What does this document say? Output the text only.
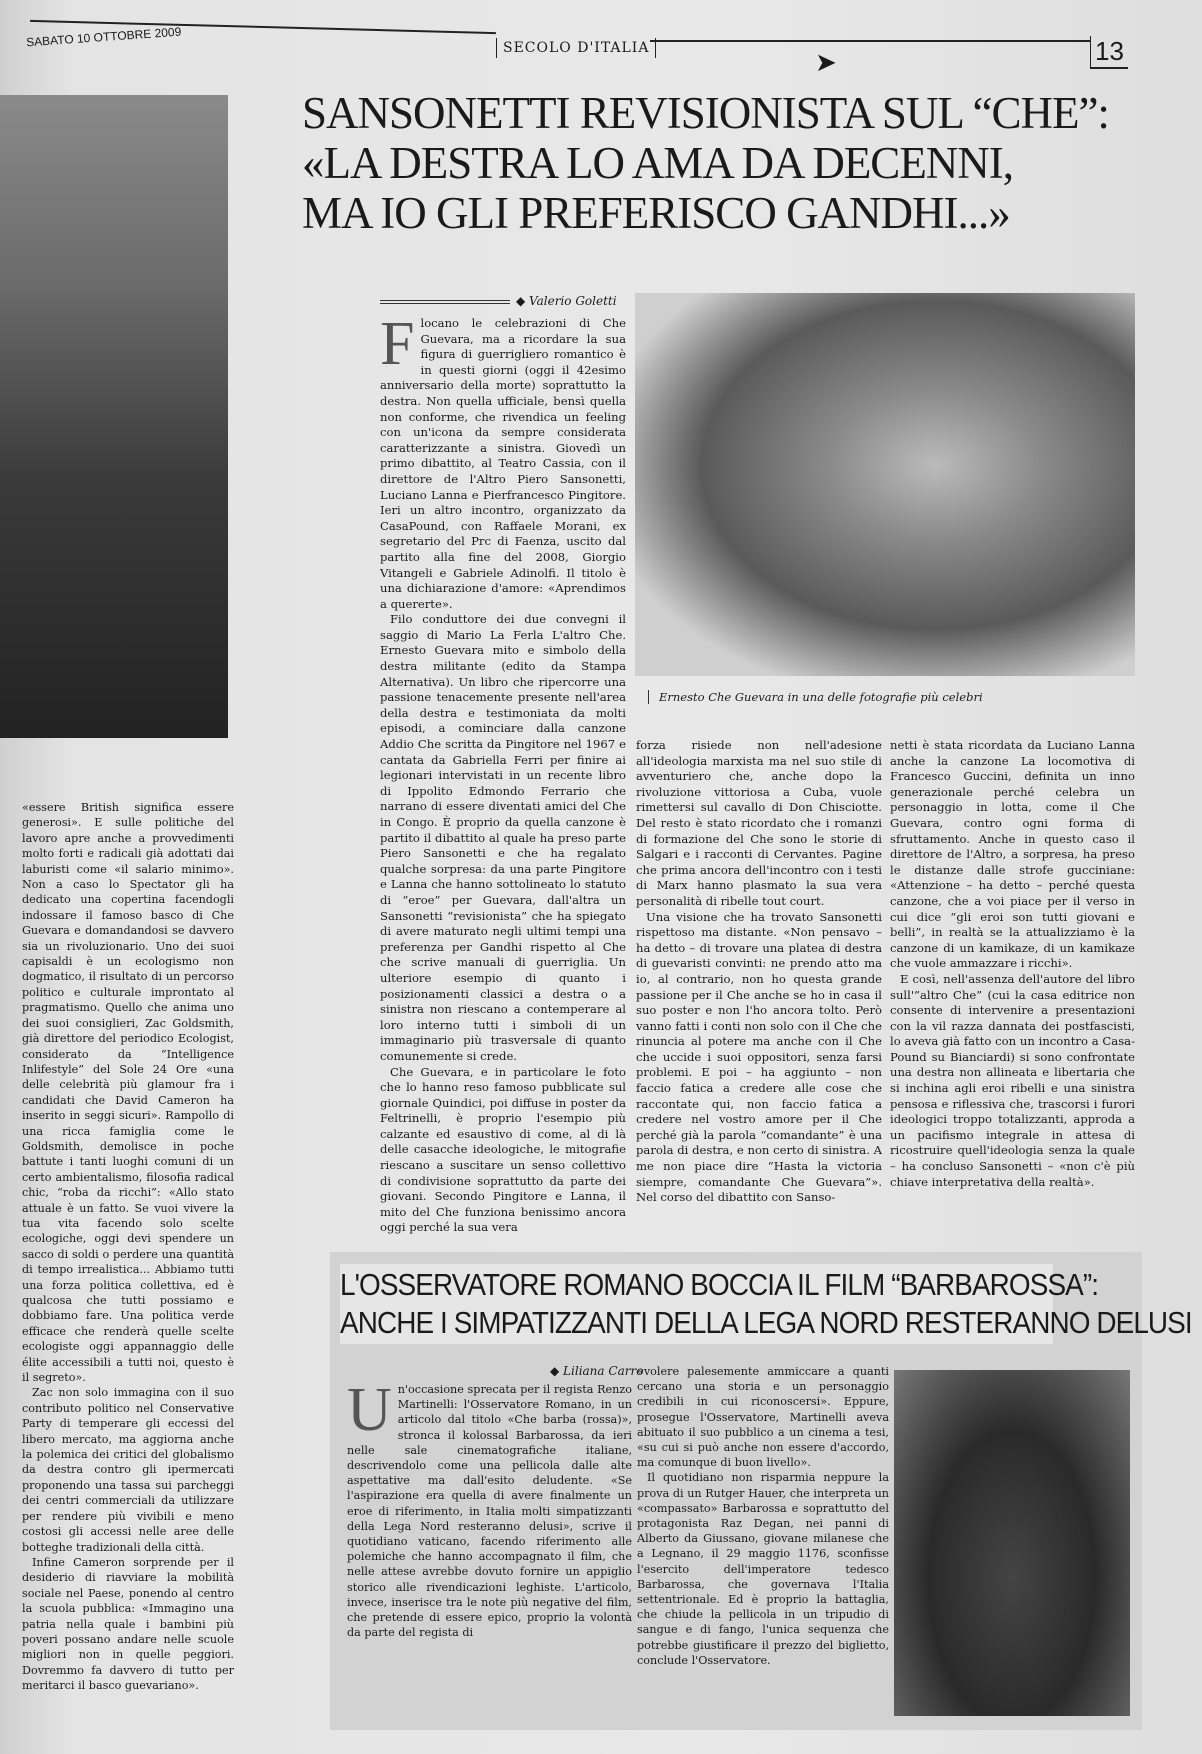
SABATO 10 OTTOBRE 2009	SECOLO D'ITALIA	➤	13
SANSONETTI REVISIONISTA SUL “CHE”:
«LA DESTRA LO AMA DA DECENNI,
MA IO GLI PREFERISCO GANDHI...»
◆ Valerio Goletti

Flocano le celebrazioni di Che Guevara, ma a ricordare la sua figura di guerrigliero romantico è in questi giorni (oggi il 42esimo anniversario della morte) soprattutto la destra. Non quella ufficiale, bensì quella non conforme, che rivendica un feeling con un'icona da sempre considerata caratterizzante a sinistra. Giovedì un primo dibattito, al Teatro Cassia, con il direttore de l'Altro Piero Sansonetti, Luciano Lanna e Pierfrancesco Pingitore. Ieri un altro incontro, organizzato da CasaPound, con Raffaele Morani, ex segretario del Prc di Faenza, uscito dal partito alla fine del 2008, Giorgio Vitangeli e Gabriele Adinolfi. Il titolo è una dichiarazione d'amore: «Aprendimos a quererte».

Filo conduttore dei due convegni il saggio di Mario La Ferla L'altro Che. Ernesto Guevara mito e simbolo della destra militante (edito da Stampa Alternativa). Un libro che ripercorre una passione tenacemente presente nell'area della destra e testimoniata da molti episodi, a cominciare dalla canzone Addio Che scritta da Pingitore nel 1967 e cantata da Gabriella Ferri per finire ai legionari intervistati in un recente libro di Ippolito Edmondo Ferrario che narrano di essere diventati amici del Che in Congo. È proprio da quella canzone è partito il dibattito al quale ha preso parte Piero Sansonetti e che ha regalato qualche sorpresa: da una parte Pingitore e Lanna che hanno sottolineato lo statuto di “eroe” per Guevara, dall'altra un Sansonetti “revisionista” che ha spiegato di avere maturato negli ultimi tempi una preferenza per Gandhi rispetto al Che che scrive manuali di guerriglia. Un ulteriore esempio di quanto i posizionamenti classici a destra o a sinistra non riescano a contemperare al loro interno tutti i simboli di un immaginario più trasversale di quanto comunemente si crede.

Che Guevara, e in particolare le foto che lo hanno reso famoso pubblicate sul giornale Quindici, poi diffuse in poster da Feltrinelli, è proprio l'esempio più calzante ed esaustivo di come, al di là delle casacche ideologiche, le mitografie riescano a suscitare un senso collettivo di condivisione soprattutto da parte dei giovani. Secondo Pingitore e Lanna, il mito del Che funziona benissimo ancora oggi perché la sua vera

Ernesto Che Guevara in una delle fotografie più celebri

forza risiede non nell'adesione all'ideologia marxista ma nel suo stile di avventuriero che, anche dopo la rivoluzione vittoriosa a Cuba, vuole rimettersi sul cavallo di Don Chisciotte. Del resto è stato ricordato che i romanzi di formazione del Che sono le storie di Salgari e i racconti di Cervantes. Pagine che prima ancora dell'incontro con i testi di Marx hanno plasmato la sua vera personalità di ribelle tout court.

Una visione che ha trovato Sansonetti rispettoso ma distante. «Non pensavo – ha detto – di trovare una platea di destra di guevaristi convinti: ne prendo atto ma io, al contrario, non ho questa grande passione per il Che anche se ho in casa il suo poster e non l'ho ancora tolto. Però vanno fatti i conti non solo con il Che che rinuncia al potere ma anche con il Che che uccide i suoi oppositori, senza farsi problemi. E poi – ha aggiunto – non faccio fatica a credere alle cose che raccontate qui, non faccio fatica a credere nel vostro amore per il Che perché già la parola “comandante” è una parola di destra, e non certo di sinistra. A me non piace dire “Hasta la victoria siempre, comandante Che Guevara”». Nel corso del dibattito con Sanso-

netti è stata ricordata da Luciano Lanna anche la canzone La locomotiva di Francesco Guccini, definita un inno generazionale perché celebra un personaggio in lotta, come il Che Guevara, contro ogni forma di sfruttamento. Anche in questo caso il direttore de l'Altro, a sorpresa, ha preso le distanze dalle strofe gucciniane: «Attenzione – ha detto – perché questa canzone, che a voi piace per il verso in cui dice “gli eroi son tutti giovani e belli”, in realtà se la attualizziamo è la canzone di un kamikaze, di un kamikaze che vuole ammazzare i ricchi».

E così, nell'assenza dell'autore del libro sull'“altro Che” (cui la casa editrice non consente di intervenire a presentazioni con la vil razza dannata dei postfascisti, lo aveva già fatto con un incontro a Casa-Pound su Bianciardi) si sono confrontate una destra non allineata e libertaria che si inchina agli eroi ribelli e una sinistra pensosa e riflessiva che, trascorsi i furori ideologici troppo totalizzanti, approda a un pacifismo integrale in attesa di ricostruire quell'ideologia senza la quale – ha concluso Sansonetti – «non c'è più chiave interpretativa della realtà».

«essere British significa essere generosi». E sulle politiche del lavoro apre anche a provvedimenti molto forti e radicali già adottati dai laburisti come «il salario minimo». Non a caso lo Spectator gli ha dedicato una copertina facendogli indossare il famoso basco di Che Guevara e domandandosi se davvero sia un rivoluzionario. Uno dei suoi capisaldi è un ecologismo non dogmatico, il risultato di un percorso politico e culturale improntato al pragmatismo. Quello che anima uno dei suoi consiglieri, Zac Goldsmith, già direttore del periodico Ecologist, considerato da “Intelligence Inlifestyle” del Sole 24 Ore «una delle celebrità più glamour fra i candidati che David Cameron ha inserito in seggi sicuri». Rampollo di una ricca famiglia come le Goldsmith, demolisce in poche battute i tanti luoghi comuni di un certo ambientalismo, filosofia radical chic, “roba da ricchi”: «Allo stato attuale è un fatto. Se vuoi vivere la tua vita facendo solo scelte ecologiche, oggi devi spendere un sacco di soldi o perdere una quantità di tempo irrealistica... Abbiamo tutti una forza politica collettiva, ed è qualcosa che tutti possiamo e dobbiamo fare. Una politica verde efficace che renderà quelle scelte ecologiste oggi appannaggio delle élite accessibili a tutti noi, questo è il segreto».

Zac non solo immagina con il suo contributo politico nel Conservative Party di temperare gli eccessi del libero mercato, ma aggiorna anche la polemica dei critici del globalismo da destra contro gli ipermercati proponendo una tassa sui parcheggi dei centri commerciali da utilizzare per rendere più vivibili e meno costosi gli accessi nelle aree delle botteghe tradizionali della città.

Infine Cameron sorprende per il desiderio di riavviare la mobilità sociale nel Paese, ponendo al centro la scuola pubblica: «Immagino una patria nella quale i bambini più poveri possano andare nelle scuole migliori non in quelle peggiori. Dovremmo fa davvero di tutto per meritarci il basco guevariano».

L'OSSERVATORE ROMANO BOCCIA IL FILM “BARBAROSSA”:
ANCHE I SIMPATIZZANTI DELLA LEGA NORD RESTERANNO DELUSI
◆ Liliana Carro

Un'occasione sprecata per il regista Renzo Martinelli: l'Osservatore Romano, in un articolo dal titolo «Che barba (rossa)», stronca il kolossal Barbarossa, da ieri nelle sale cinematografiche italiane, descrivendolo come una pellicola dalle alte aspettative ma dall'esito deludente. «Se l'aspirazione era quella di avere finalmente un eroe di riferimento, in Italia molti simpatizzanti della Lega Nord resteranno delusi», scrive il quotidiano vaticano, facendo riferimento alle polemiche che hanno accompagnato il film, che nelle attese avrebbe dovuto fornire un appiglio storico alle rivendicazioni leghiste. L'articolo, invece, inserisce tra le note più negative del film, che pretende di essere epico, proprio la volontà da parte del regista di

«volere palesemente ammiccare a quanti cercano una storia e un personaggio credibili in cui riconoscersi». Eppure, prosegue l'Osservatore, Martinelli aveva abituato il suo pubblico a un cinema a tesi, «su cui si può anche non essere d'accordo, ma comunque di buon livello».

Il quotidiano non risparmia neppure la prova di un Rutger Hauer, che interpreta un «compassato» Barbarossa e soprattutto del protagonista Raz Degan, nei panni di Alberto da Giussano, giovane milanese che a Legnano, il 29 maggio 1176, sconfisse l'esercito dell'imperatore tedesco Barbarossa, che governava l'Italia settentrionale. Ed è proprio la battaglia, che chiude la pellicola in un tripudio di sangue e di fango, l'unica sequenza che potrebbe giustificare il prezzo del biglietto, conclude l'Osservatore.
